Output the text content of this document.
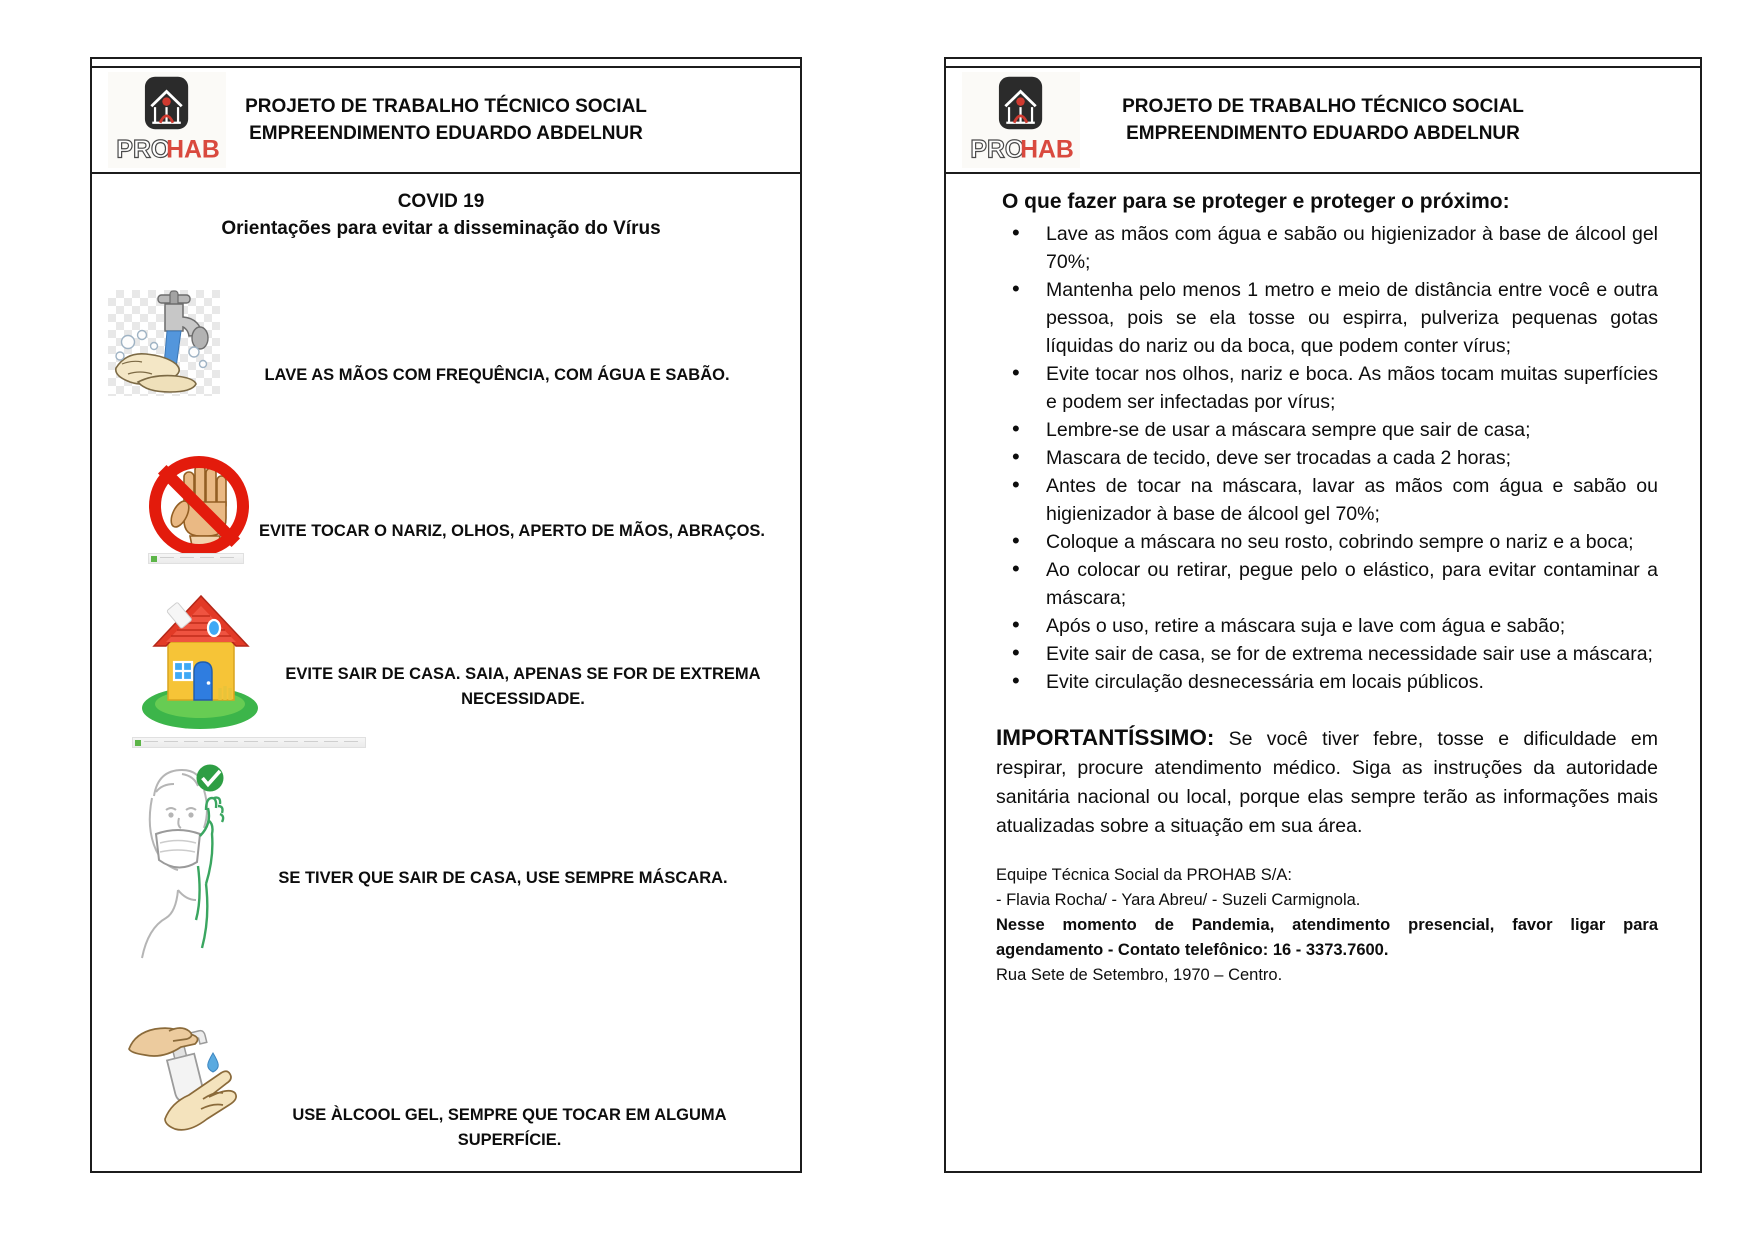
PRO
HAB
PROJETO DE TRABALHO TÉCNICO SOCIAL
EMPREENDIMENTO EDUARDO ABDELNUR
COVID 19
Orientações para evitar a disseminação do Vírus
LAVE AS MÃOS COM FREQUÊNCIA, COM ÁGUA E SABÃO.
EVITE TOCAR O NARIZ, OLHOS, APERTO DE MÃOS, ABRAÇOS.
EVITE SAIR DE CASA. SAIA, APENAS SE FOR DE EXTREMA NECESSIDADE.
SE TIVER QUE SAIR DE CASA, USE SEMPRE MÁSCARA.
USE ÀLCOOL GEL, SEMPRE QUE TOCAR EM ALGUMA SUPERFÍCIE.
PRO
HAB
PROJETO DE TRABALHO TÉCNICO SOCIAL
EMPREENDIMENTO EDUARDO ABDELNUR
O que fazer para se proteger e proteger o próximo:
• Lave as mãos com água e sabão ou higienizador à base de álcool gel 70%;
• Mantenha pelo menos 1 metro e meio de distância entre você e outra pessoa, pois se ela tosse ou espirra, pulveriza pequenas gotas líquidas do nariz ou da boca, que podem conter vírus;
• Evite tocar nos olhos, nariz e boca. As mãos tocam muitas superfícies e podem ser infectadas por vírus;
• Lembre-se de usar a máscara sempre que sair de casa;
• Mascara de tecido, deve ser trocadas a cada 2 horas;
• Antes de tocar na máscara, lavar as mãos com água e sabão ou higienizador à base de álcool gel 70%;
• Coloque a máscara no seu rosto, cobrindo sempre o nariz e a boca;
• Ao colocar ou retirar, pegue pelo o elástico, para evitar contaminar a máscara;
• Após o uso, retire a máscara suja e lave com água e sabão;
• Evite sair de casa, se for de extrema necessidade sair use a máscara;
• Evite circulação desnecessária em locais públicos.

IMPORTANTÍSSIMO: Se você tiver febre, tosse e dificuldade em respirar, procure atendimento médico. Siga as instruções da autoridade sanitária nacional ou local, porque elas sempre terão as informações mais atualizadas sobre a situação em sua área.

Equipe Técnica Social da PROHAB S/A:
- Flavia Rocha/ - Yara Abreu/ - Suzeli Carmignola.
Nesse momento de Pandemia, atendimento presencial, favor ligar para agendamento - Contato telefônico: 16 - 3373.7600.
Rua Sete de Setembro, 1970 – Centro.
